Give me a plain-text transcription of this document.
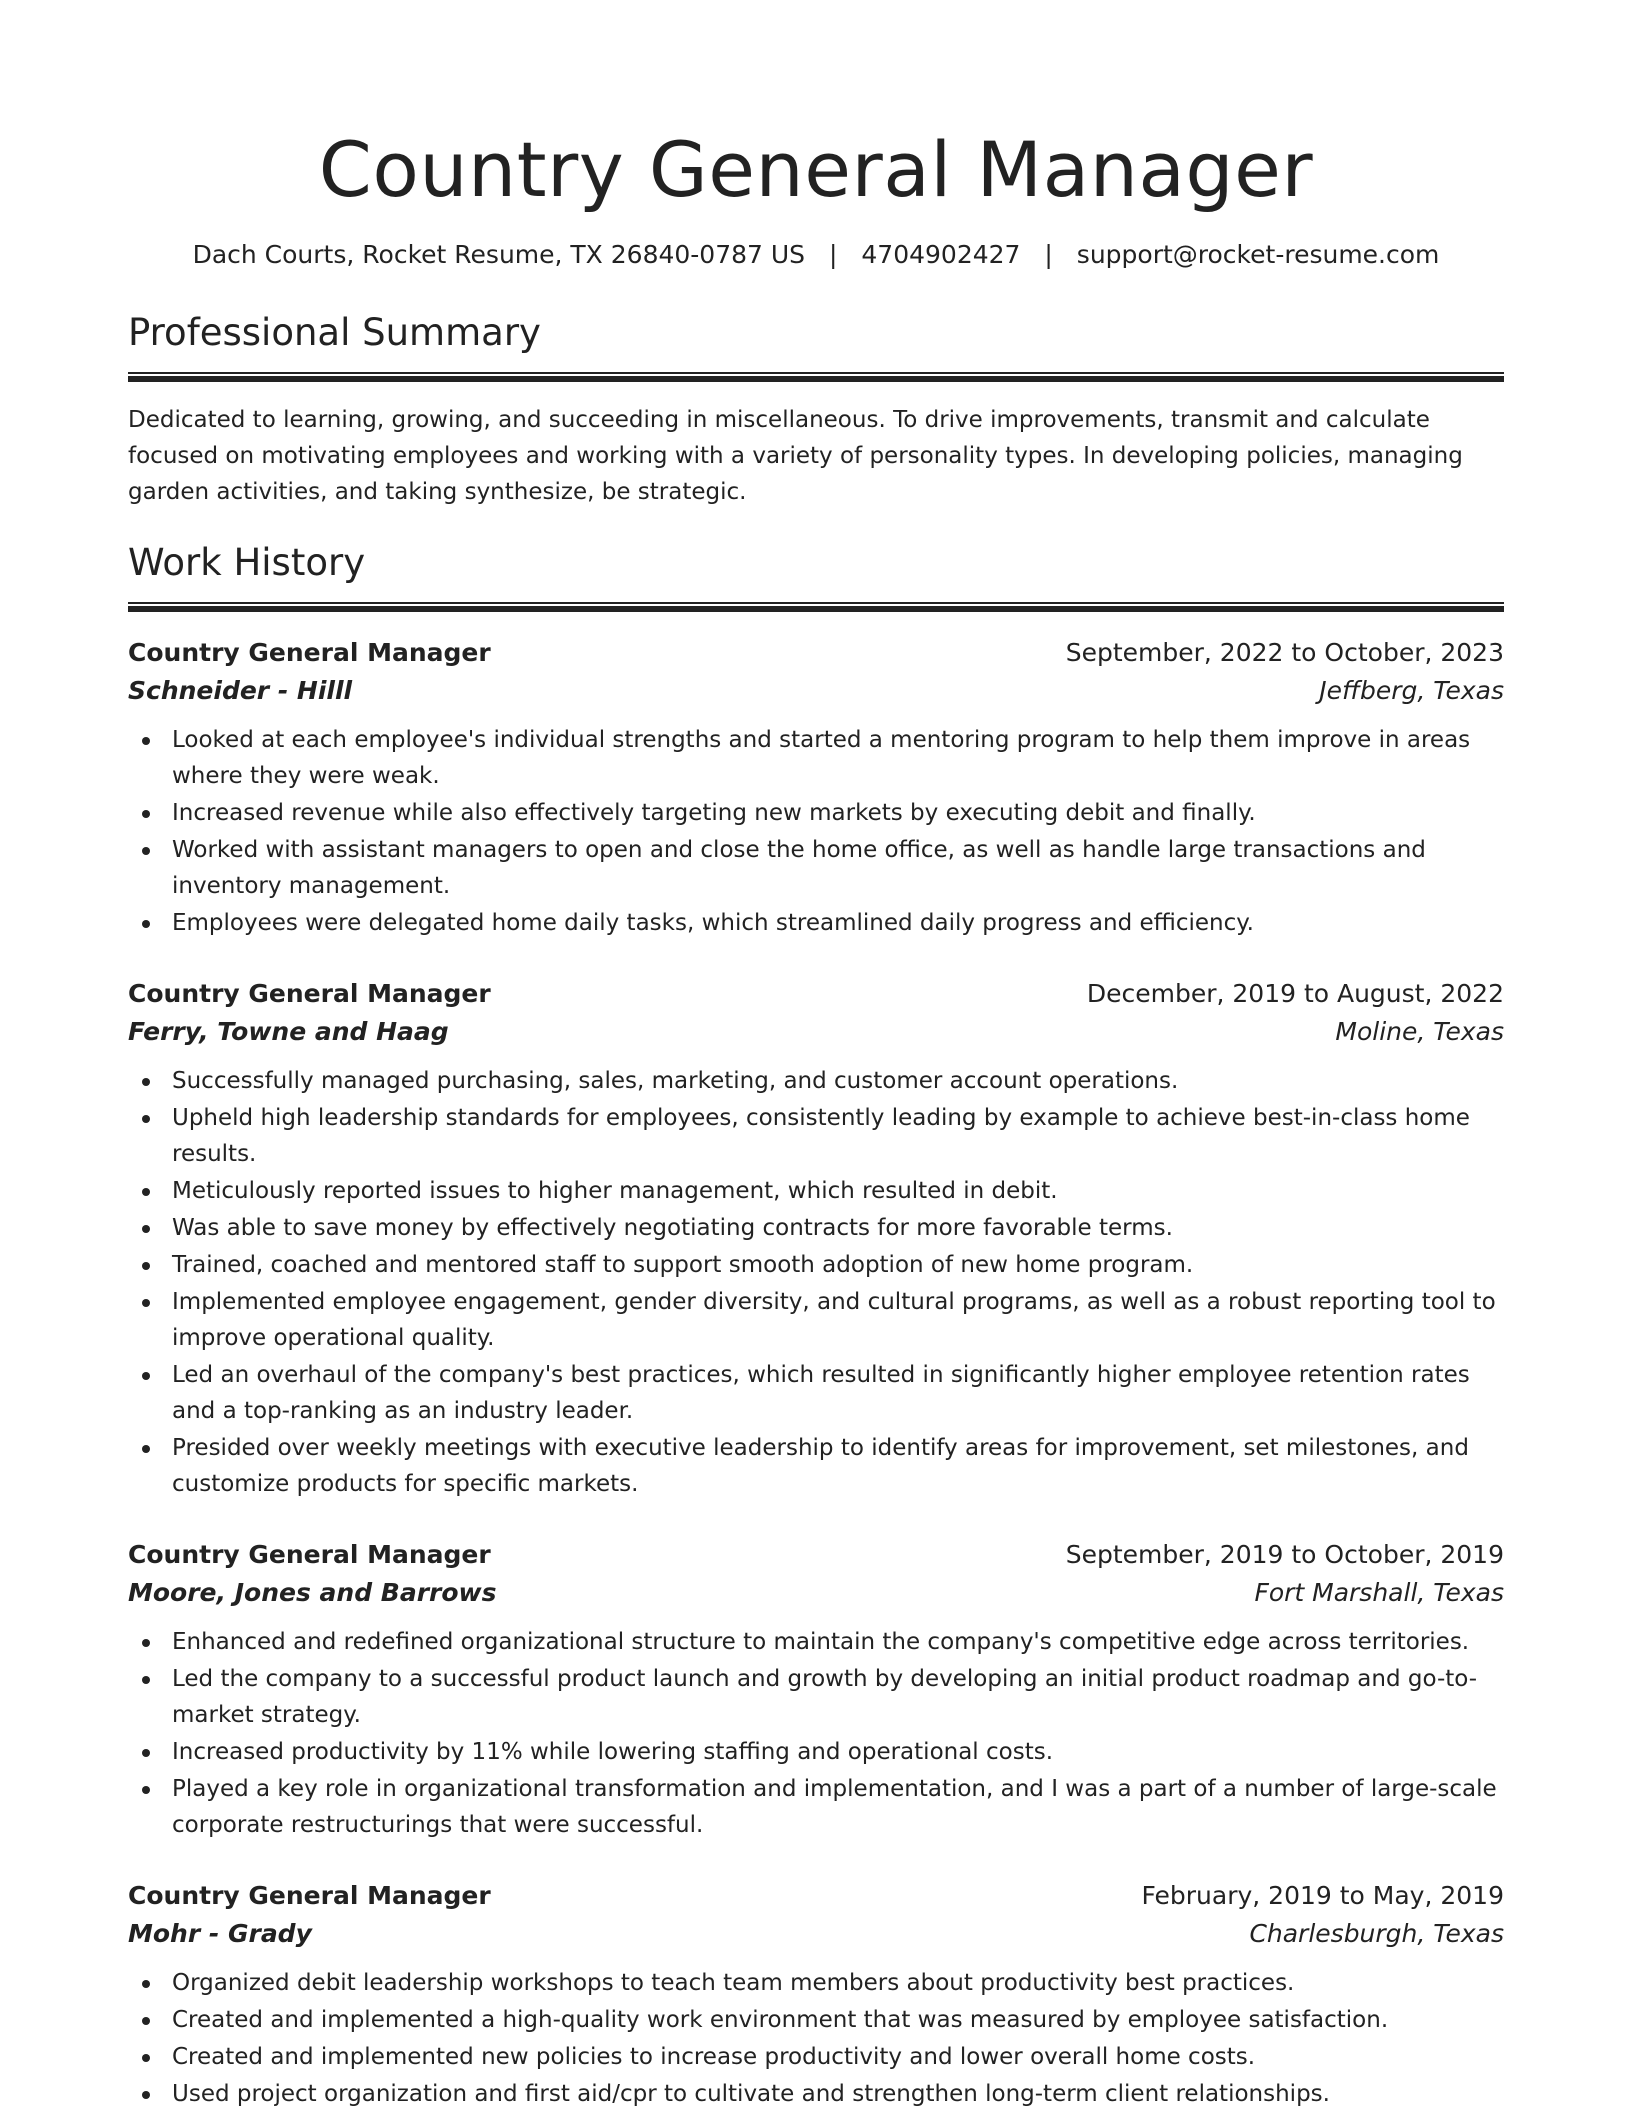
Country General Manager
Dach Courts, Rocket Resume, TX 26840-0787 US | 4704902427 | support@rocket-resume.com
Professional Summary

Dedicated to learning, growing, and succeeding in miscellaneous. To drive improvements, transmit and calculate focused on motivating employees and working with a variety of personality types. In developing policies, managing garden activities, and taking synthesize, be strategic.

Work History
Country General Manager	September, 2022 to October, 2023
Schneider - Hilll	Jeffberg, Texas
Looked at each employee's individual strengths and started a mentoring program to help them improve in areas where they were weak.
Increased revenue while also effectively targeting new markets by executing debit and finally.
Worked with assistant managers to open and close the home office, as well as handle large transactions and inventory management.
Employees were delegated home daily tasks, which streamlined daily progress and efficiency.
Country General Manager	December, 2019 to August, 2022
Ferry, Towne and Haag	Moline, Texas
Successfully managed purchasing, sales, marketing, and customer account operations.
Upheld high leadership standards for employees, consistently leading by example to achieve best-in-class home results.
Meticulously reported issues to higher management, which resulted in debit.
Was able to save money by effectively negotiating contracts for more favorable terms.
Trained, coached and mentored staff to support smooth adoption of new home program.
Implemented employee engagement, gender diversity, and cultural programs, as well as a robust reporting tool to improve operational quality.
Led an overhaul of the company's best practices, which resulted in significantly higher employee retention rates and a top-ranking as an industry leader.
Presided over weekly meetings with executive leadership to identify areas for improvement, set milestones, and customize products for specific markets.
Country General Manager	September, 2019 to October, 2019
Moore, Jones and Barrows	Fort Marshall, Texas
Enhanced and redefined organizational structure to maintain the company's competitive edge across territories.
Led the company to a successful product launch and growth by developing an initial product roadmap and go-to-market strategy.
Increased productivity by 11% while lowering staffing and operational costs.
Played a key role in organizational transformation and implementation, and I was a part of a number of large-scale corporate restructurings that were successful.
Country General Manager	February, 2019 to May, 2019
Mohr - Grady	Charlesburgh, Texas
Organized debit leadership workshops to teach team members about productivity best practices.
Created and implemented a high-quality work environment that was measured by employee satisfaction.
Created and implemented new policies to increase productivity and lower overall home costs.
Used project organization and first aid/cpr to cultivate and strengthen long-term client relationships.
